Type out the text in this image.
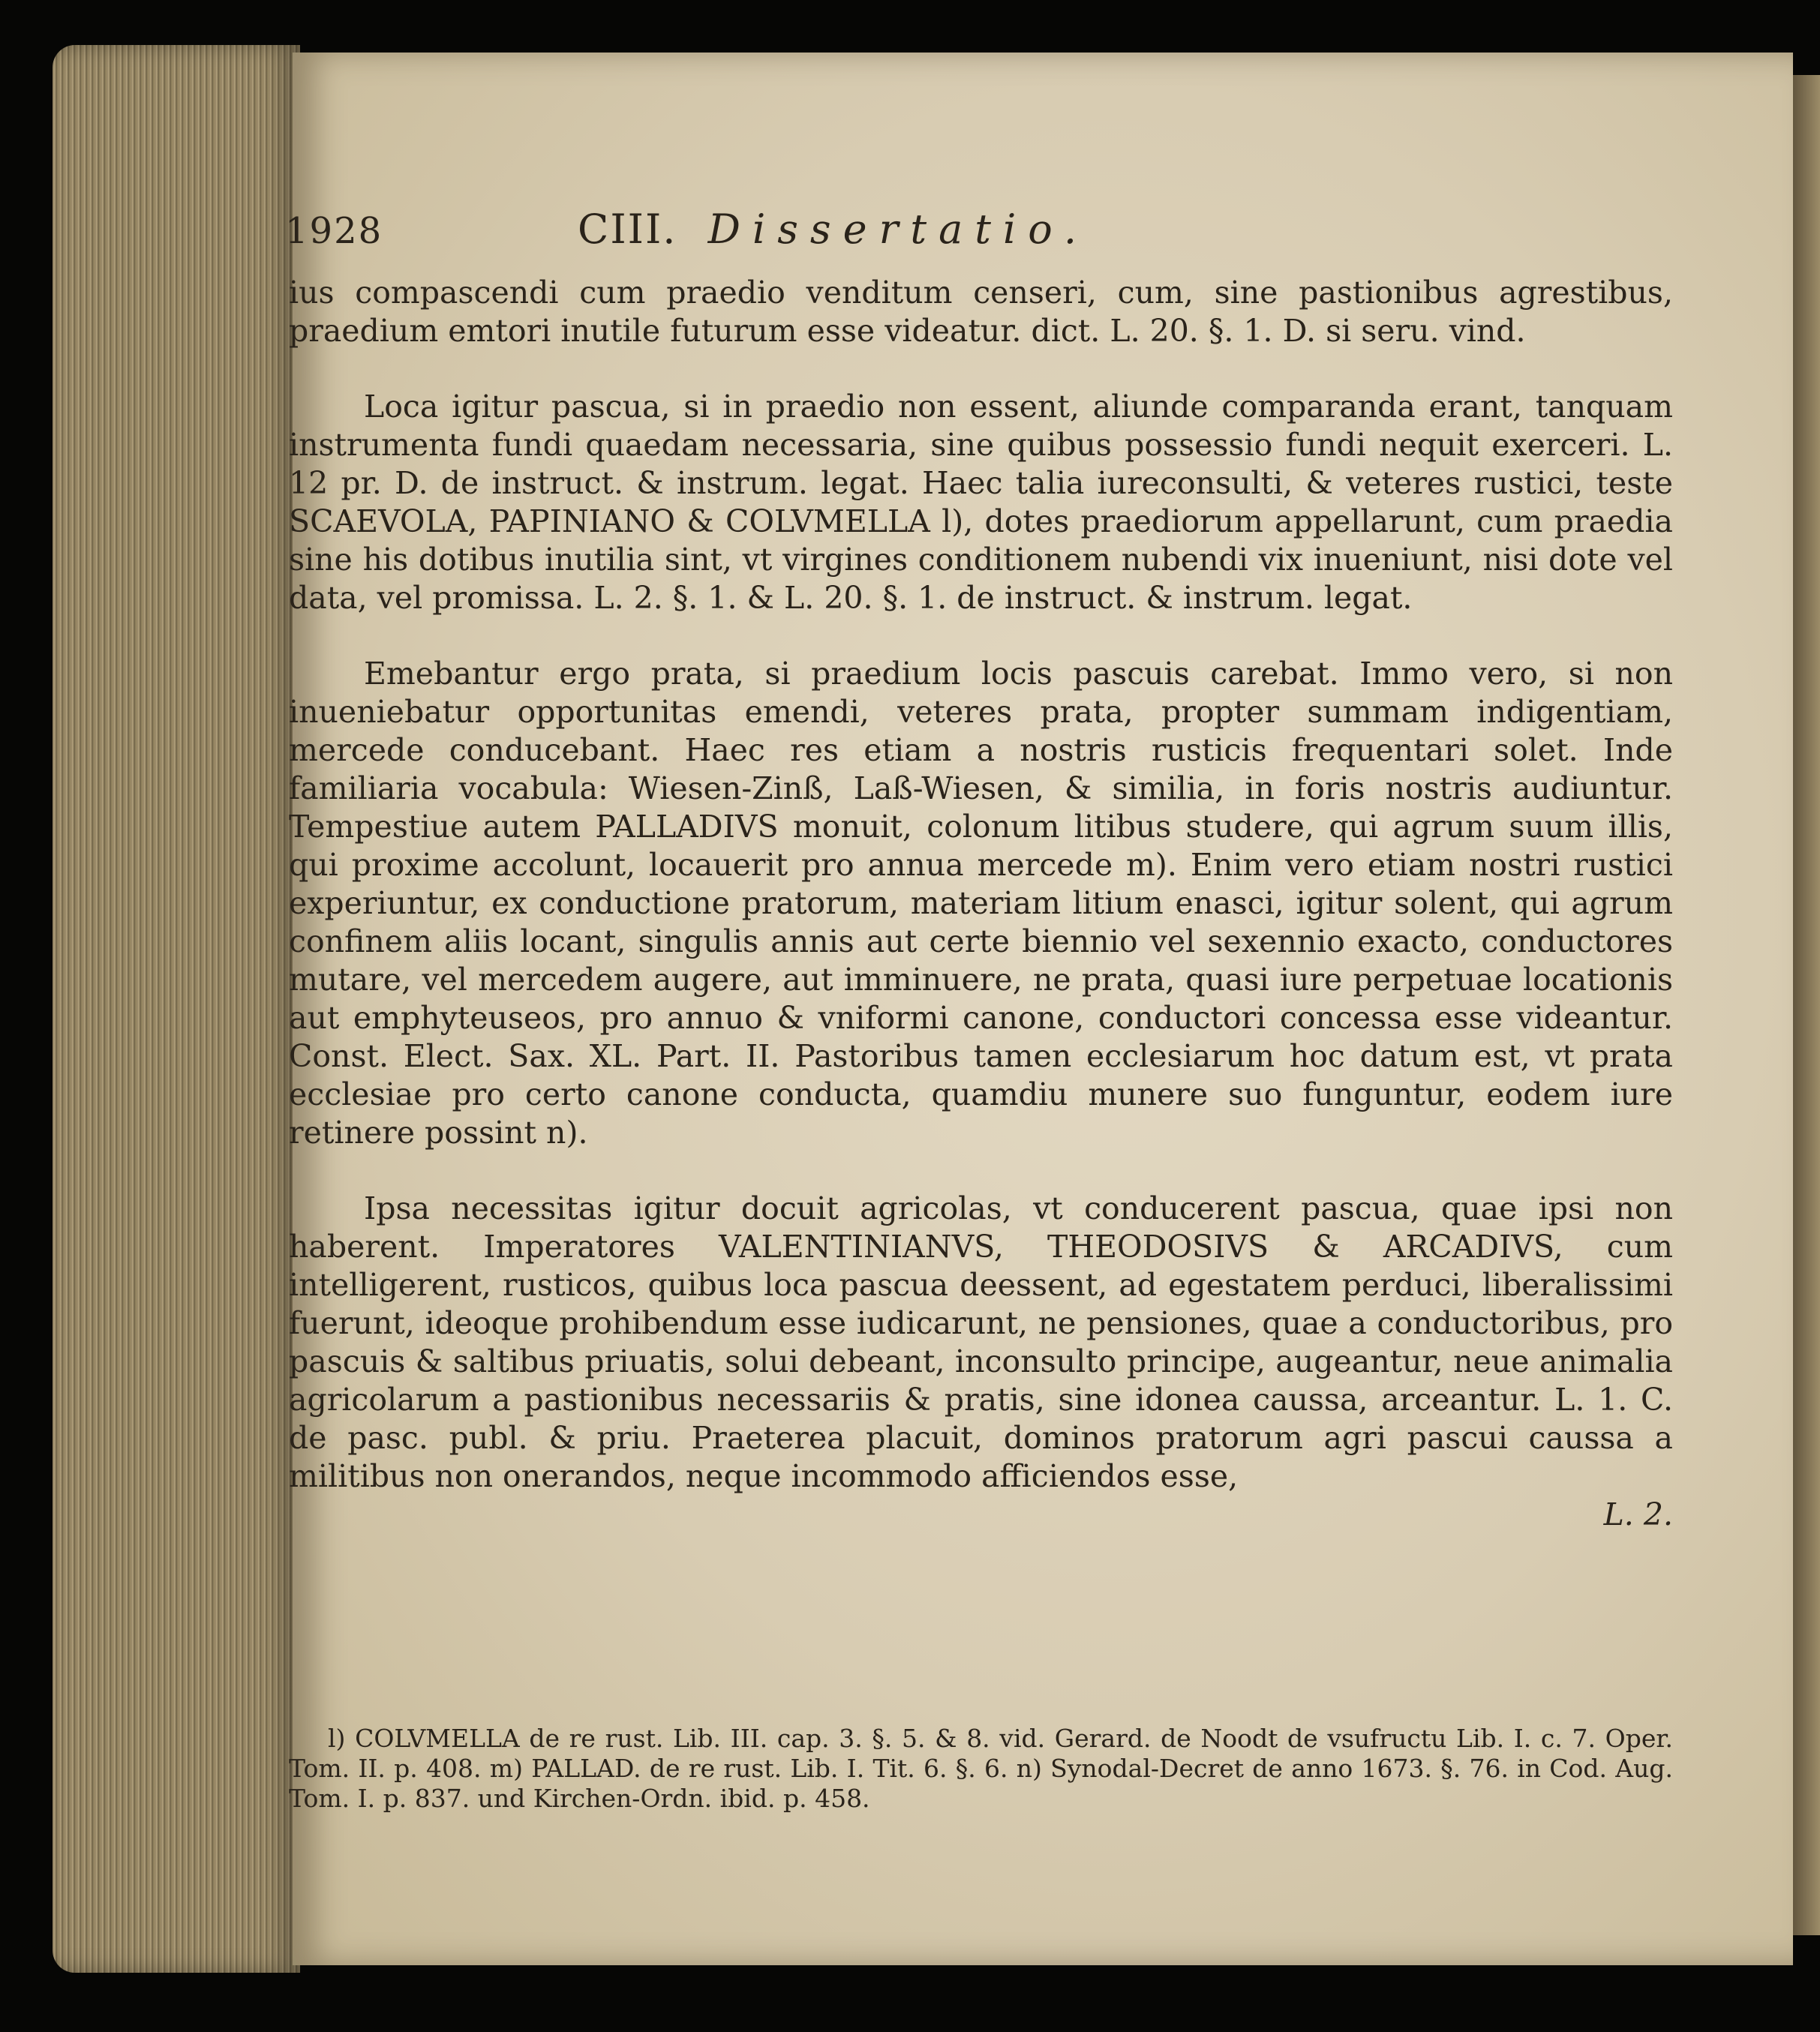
1928	CIII. Dissertatio.

ius compascendi cum praedio venditum censeri, cum, sine pastionibus agrestibus, praedium emtori inutile futurum esse videatur. dict. L. 20. §. 1. D. si seru. vind.

Loca igitur pascua, si in praedio non essent, aliunde comparanda erant, tanquam instrumenta fundi quaedam necessaria, sine quibus possessio fundi nequit exerceri. L. 12 pr. D. de instruct. & instrum. legat. Haec talia iureconsulti, & veteres rustici, teste SCAEVOLA, PAPINIANO & COLVMELLA l), dotes praediorum appellarunt, cum praedia sine his dotibus inutilia sint, vt virgines conditionem nubendi vix inueniunt, nisi dote vel data, vel promissa. L. 2. §. 1. & L. 20. §. 1. de instruct. & instrum. legat.

Emebantur ergo prata, si praedium locis pascuis carebat. Immo vero, si non inueniebatur opportunitas emendi, veteres prata, propter summam indigentiam, mercede conducebant. Haec res etiam a nostris rusticis frequentari solet. Inde familiaria vocabula: Wiesen-Zinß, Laß-Wiesen, & similia, in foris nostris audiuntur. Tempestiue autem PALLADIVS monuit, colonum litibus studere, qui agrum suum illis, qui proxime accolunt, locauerit pro annua mercede m). Enim vero etiam nostri rustici experiuntur, ex conductione pratorum, materiam litium enasci, igitur solent, qui agrum confinem aliis locant, singulis annis aut certe biennio vel sexennio exacto, conductores mutare, vel mercedem augere, aut imminuere, ne prata, quasi iure perpetuae locationis aut emphyteuseos, pro annuo & vniformi canone, conductori concessa esse videantur. Const. Elect. Sax. XL. Part. II. Pastoribus tamen ecclesiarum hoc datum est, vt prata ecclesiae pro certo canone conducta, quamdiu munere suo funguntur, eodem iure retinere possint n).

Ipsa necessitas igitur docuit agricolas, vt conducerent pascua, quae ipsi non haberent. Imperatores VALENTINIANVS, THEODOSIVS & ARCADIVS, cum intelligerent, rusticos, quibus loca pascua deessent, ad egestatem perduci, liberalissimi fuerunt, ideoque prohibendum esse iudicarunt, ne pensiones, quae a conductoribus, pro pascuis & saltibus priuatis, solui debeant, inconsulto principe, augeantur, neue animalia agricolarum a pastionibus necessariis & pratis, sine idonea caussa, arceantur. L. 1. C. de pasc. publ. & priu. Praeterea placuit, dominos pratorum agri pascui caussa a militibus non onerandos, neque incommodo afficiendos esse,

L. 2.

l) COLVMELLA de re rust. Lib. III. cap. 3. §. 5. & 8. vid. Gerard. de Noodt de vsufructu Lib. I. c. 7. Oper. Tom. II. p. 408. m) PALLAD. de re rust. Lib. I. Tit. 6. §. 6. n) Synodal-Decret de anno 1673. §. 76. in Cod. Aug. Tom. I. p. 837. und Kirchen-Ordn. ibid. p. 458.
